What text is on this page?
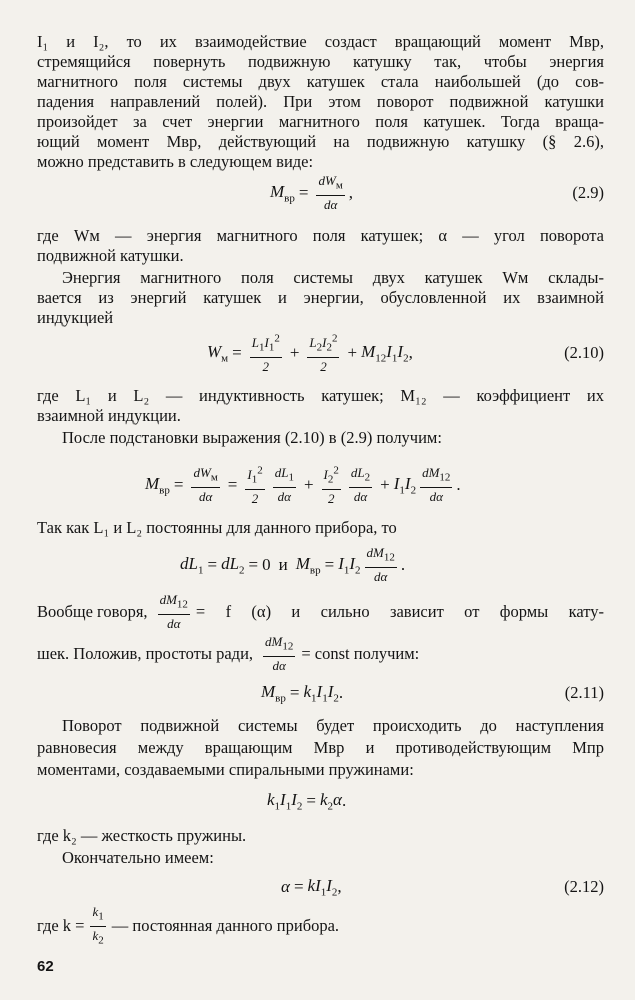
I₁ и I₂, то их взаимодействие создаст вращающий момент Mвр,
стремящийся повернуть подвижную катушку так, чтобы энергия
магнитного поля системы двух катушек стала наибольшей (до сов-
падения направлений полей). При этом поворот подвижной катушки
произойдет за счет энергии магнитного поля катушек. Тогда враща-
ющий момент Mвр, действующий на подвижную катушку (§ 2.6),
можно представить в следующем виде:
$M_{вр} = \frac{dW_м}{d\alpha}$ ,	(2.9)
где Wм — энергия магнитного поля катушек; α — угол поворота
подвижной катушки.
Энергия магнитного поля системы двух катушек Wм склады-
вается из энергий катушек и энергии, обусловленной их взаимной
индукцией
$W_м = \frac{L_1I_1^2}{2} + \frac{L_2I_2^2}{2} + M_{12}I_1I_2$ ,	(2.10)
где L₁ и L₂ — индуктивность катушек; M₁₂ — коэффициент их
взаимной индукции.
После подстановки выражения (2.10) в (2.9) получим:
$M_{вр} = \frac{dW_м}{d\alpha} = \frac{I_1^2}{2} \frac{dL_1}{d\alpha} + \frac{I_2^2}{2} \frac{dL_2}{d\alpha} + I_1I_2 \frac{dM_{12}}{d\alpha}$ .
Так как L₁ и L₂ постоянны для данного прибора, то
$dL_1 = dL_2 = 0$ и $M_{вр} = I_1I_2 \frac{dM_{12}}{d\alpha}$ .
Вообще говоря, $\frac{dM_{12}}{d\alpha} = f$ (α) и сильно зависит от формы кату-
шек. Положив, простоты ради, $\frac{dM_{12}}{d\alpha}$ = const получим:
$M_{вр} = k_1I_1I_2$ .	(2.11)
Поворот подвижной системы будет происходить до наступления
равновесия между вращающим Mвр и противодействующим Mпр
моментами, создаваемыми спиральными пружинами:
$k_1I_1I_2 = k_2\alpha$ .
где k₂ — жесткость пружины.
Окончательно имеем:
$\alpha = kI_1I_2$ ,	(2.12)
где $k = \frac{k_1}{k_2}$ — постоянная данного прибора.
62
